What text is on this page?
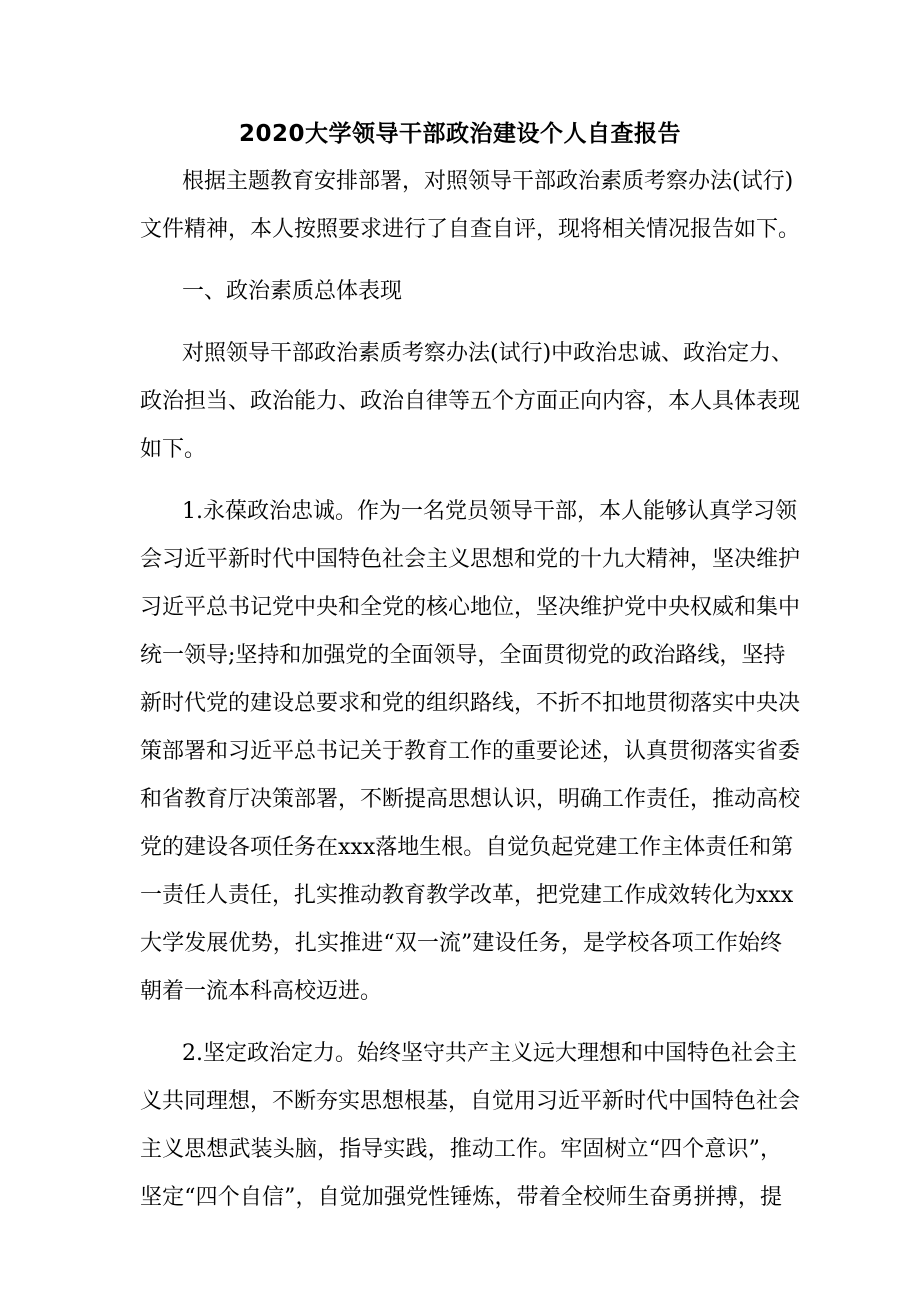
2020大学领导干部政治建设个人自查报告
根据主题教育安排部署，对照领导干部政治素质考察办法(试行)
文件精神，本人按照要求进行了自查自评，现将相关情况报告如下。
一、政治素质总体表现
对照领导干部政治素质考察办法(试行)中政治忠诚、政治定力、
政治担当、政治能力、政治自律等五个方面正向内容，本人具体表现
如下。
1.永葆政治忠诚。作为一名党员领导干部，本人能够认真学习领
会习近平新时代中国特色社会主义思想和党的十九大精神，坚决维护
习近平总书记党中央和全党的核心地位，坚决维护党中央权威和集中
统一领导;坚持和加强党的全面领导，全面贯彻党的政治路线，坚持
新时代党的建设总要求和党的组织路线，不折不扣地贯彻落实中央决
策部署和习近平总书记关于教育工作的重要论述，认真贯彻落实省委
和省教育厅决策部署，不断提高思想认识，明确工作责任，推动高校
党的建设各项任务在xxx落地生根。自觉负起党建工作主体责任和第
一责任人责任，扎实推动教育教学改革，把党建工作成效转化为xxx
大学发展优势，扎实推进“双一流”建设任务，是学校各项工作始终
朝着一流本科高校迈进。
2.坚定政治定力。始终坚守共产主义远大理想和中国特色社会主
义共同理想，不断夯实思想根基，自觉用习近平新时代中国特色社会
主义思想武装头脑，指导实践，推动工作。牢固树立“四个意识”，
坚定“四个自信”，自觉加强党性锤炼，带着全校师生奋勇拼搏，提
